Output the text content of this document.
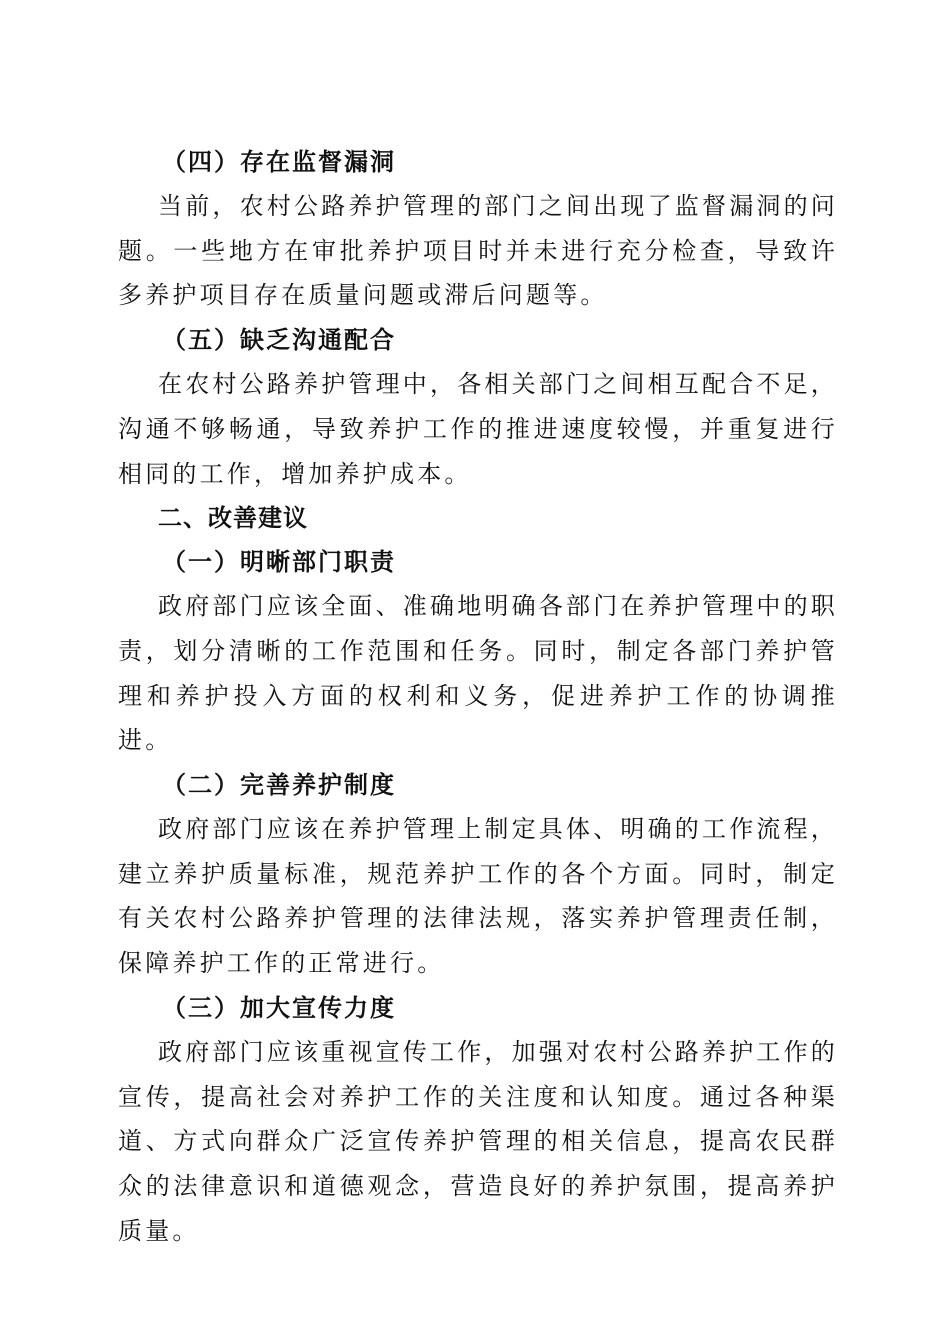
（四）存在监督漏洞

当前，农村公路养护管理的部门之间出现了监督漏洞的问题。一些地方在审批养护项目时并未进行充分检查，导致许多养护项目存在质量问题或滞后问题等。

（五）缺乏沟通配合

在农村公路养护管理中，各相关部门之间相互配合不足，沟通不够畅通，导致养护工作的推进速度较慢，并重复进行相同的工作，增加养护成本。

二、改善建议
（一）明晰部门职责

政府部门应该全面、准确地明确各部门在养护管理中的职责，划分清晰的工作范围和任务。同时，制定各部门养护管理和养护投入方面的权利和义务，促进养护工作的协调推进。

（二）完善养护制度

政府部门应该在养护管理上制定具体、明确的工作流程，建立养护质量标准，规范养护工作的各个方面。同时，制定有关农村公路养护管理的法律法规，落实养护管理责任制，保障养护工作的正常进行。

（三）加大宣传力度

政府部门应该重视宣传工作，加强对农村公路养护工作的宣传，提高社会对养护工作的关注度和认知度。通过各种渠道、方式向群众广泛宣传养护管理的相关信息，提高农民群众的法律意识和道德观念，营造良好的养护氛围，提高养护质量。
